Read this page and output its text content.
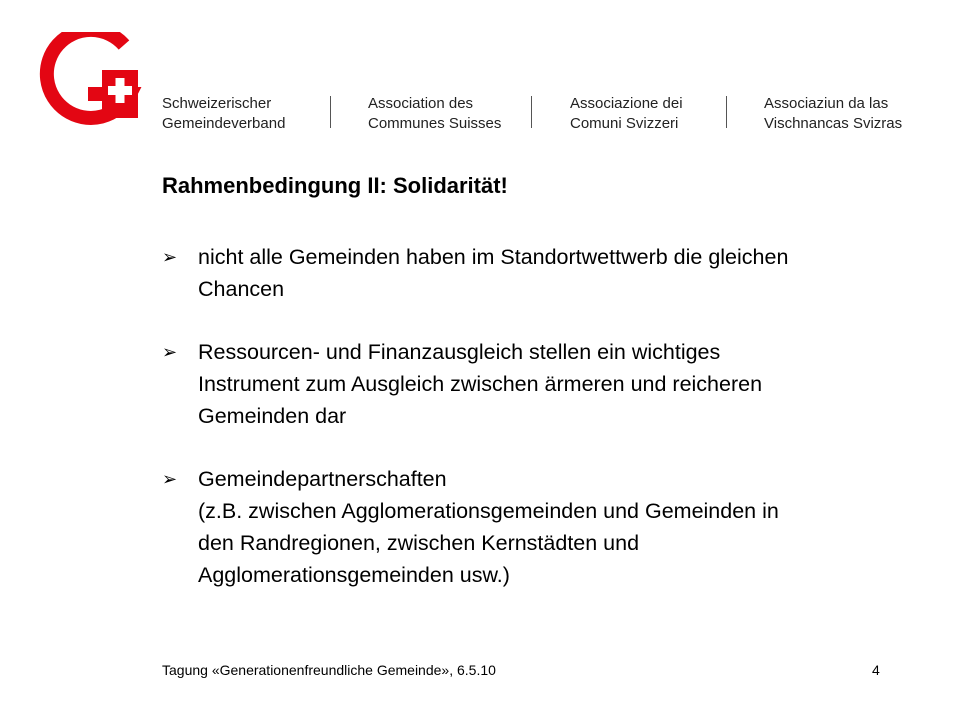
Schweizerischer
Gemeindeverband
Association des
Communes Suisses
Associazione dei
Comuni Svizzeri
Associaziun da las
Vischnancas Svizras
Rahmenbedingung II: Solidarität!
➢ nicht alle Gemeinden haben im Standortwettwerb die gleichen
Chancen
➢ Ressourcen- und Finanzausgleich stellen ein wichtiges
Instrument zum Ausgleich zwischen ärmeren und reicheren
Gemeinden dar
➢ Gemeindepartnerschaften
(z.B. zwischen Agglomerationsgemeinden und Gemeinden in
den Randregionen, zwischen Kernstädten und
Agglomerationsgemeinden usw.)
Tagung «Generationenfreundliche Gemeinde», 6.5.10	4
